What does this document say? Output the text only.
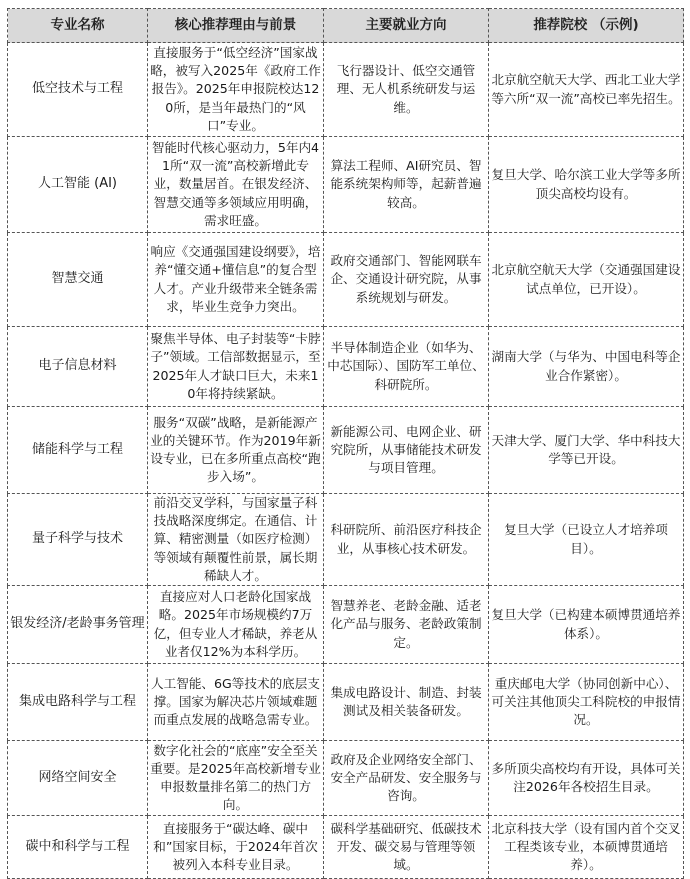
专业名称	核心推荐理由与前景	主要就业方向	推荐院校 （示例)
低空技术与工程	直接服务于“低空经济”国家战略，被写入2025年《政府工作报告》。2025年申报院校达120所，是当年最热门的“风口”专业。	飞行器设计、低空交通管理、无人机系统研发与运维。	北京航空航天大学、西北工业大学等六所“双一流”高校已率先招生。
人工智能 (AI)	智能时代核心驱动力，5年内41所“双一流”高校新增此专业，数量居首。在银发经济、智慧交通等多领域应用明确，需求旺盛。	算法工程师、AI研究员、智能系统架构师等，起薪普遍较高。	复旦大学、哈尔滨工业大学等多所顶尖高校均设有。
智慧交通	响应《交通强国建设纲要》，培养“懂交通+懂信息”的复合型人才。产业升级带来全链条需求，毕业生竞争力突出。	政府交通部门、智能网联车企、交通设计研究院，从事系统规划与研发。	北京航空航天大学（交通强国建设试点单位，已开设）。
电子信息材料	聚焦半导体、电子封装等“卡脖子”领域。工信部数据显示，至2025年人才缺口巨大，未来10年将持续紧缺。	半导体制造企业（如华为、中芯国际）、国防军工单位、科研院所。	湖南大学（与华为、中国电科等企业合作紧密）。
储能科学与工程	服务“双碳”战略，是新能源产业的关键环节。作为2019年新设专业，已在多所重点高校“跑步入场”。	新能源公司、电网企业、研究院所，从事储能技术研发与项目管理。	天津大学、厦门大学、华中科技大学等已开设。
量子科学与技术	前沿交叉学科，与国家量子科技战略深度绑定。在通信、计算、精密测量（如医疗检测）等领域有颠覆性前景，属长期稀缺人才。	科研院所、前沿医疗科技企业，从事核心技术研发。	复旦大学（已设立人才培养项目）。
银发经济/老龄事务管理	直接应对人口老龄化国家战略。2025年市场规模约7万亿，但专业人才稀缺，养老从业者仅12%为本科学历。	智慧养老、老龄金融、适老化产品与服务、老龄政策制定。	复旦大学（已构建本硕博贯通培养体系）。
集成电路科学与工程	人工智能、6G等技术的底层支撑。国家为解决芯片领域难题而重点发展的战略急需专业。	集成电路设计、制造、封装测试及相关装备研发。	重庆邮电大学（协同创新中心）、可关注其他顶尖工科院校的申报情况。
网络空间安全	数字化社会的“底座”安全至关重要。是2025年高校新增专业申报数量排名第二的热门方向。	政府及企业网络安全部门、安全产品研发、安全服务与咨询。	多所顶尖高校均有开设，具体可关注2026年各校招生目录。
碳中和科学与工程	直接服务于“碳达峰、碳中和”国家目标，于2024年首次被列入本科专业目录。	碳科学基础研究、低碳技术开发、碳交易与管理等领域。	北京科技大学（设有国内首个交叉工程类该专业，本硕博贯通培养）。
